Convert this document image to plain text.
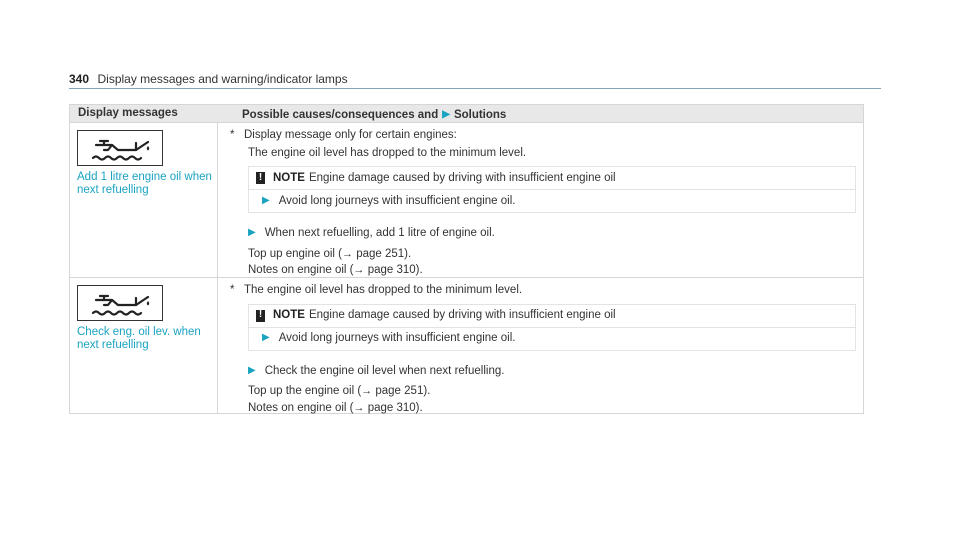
340 Display messages and warning/indicator lamps
Display messages	Possible causes/consequences and ▶ Solutions
Add 1 litre engine oil when next refuelling
* Display message only for certain engines:
The engine oil level has dropped to the minimum level.
! NOTE Engine damage caused by driving with insufficient engine oil
▶ Avoid long journeys with insufficient engine oil.
▶ When next refuelling, add 1 litre of engine oil.
Top up engine oil (→ page 251).
Notes on engine oil (→ page 310).
Check eng. oil lev. when next refuelling
* The engine oil level has dropped to the minimum level.
! NOTE Engine damage caused by driving with insufficient engine oil
▶ Avoid long journeys with insufficient engine oil.
▶ Check the engine oil level when next refuelling.
Top up the engine oil (→ page 251).
Notes on engine oil (→ page 310).
